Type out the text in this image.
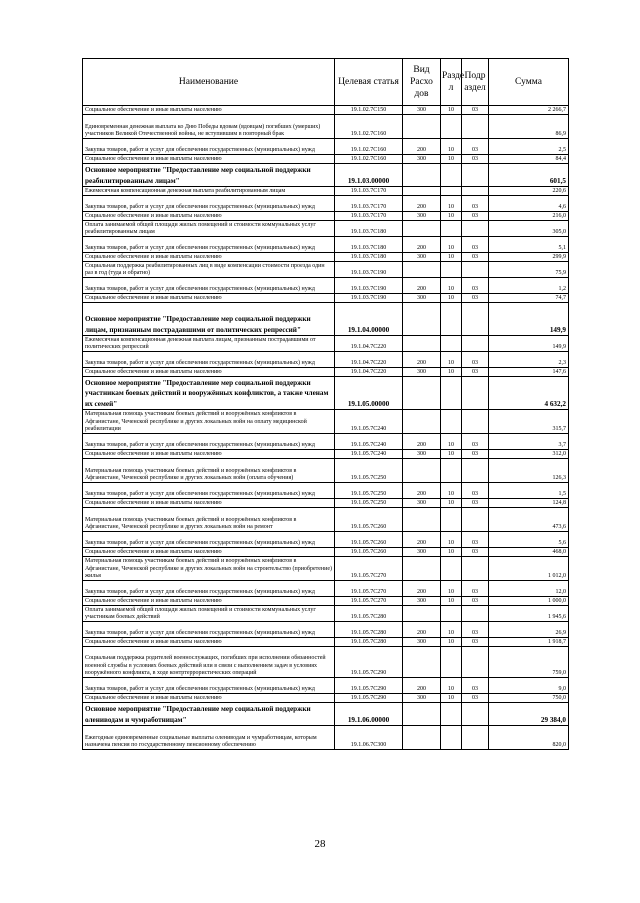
Наименование	Целевая статья	Вид Расхо дов	Разде л	Подр аздел	Сумма
Социальное обеспечение и иные выплаты населению	19.1.02.7С150	300	10	03	2 266,7
Единовременная денежная выплата ко Дню Победы вдовам (вдовцам) погибших (умерших) участников Великой Отечественной войны, не вступившим в повторный брак	19.1.02.7С160				86,9
Закупка товаров, работ и услуг для обеспечения государственных (муниципальных) нужд	19.1.02.7С160	200	10	03	2,5
Социальное обеспечение и иные выплаты населению	19.1.02.7С160	300	10	03	84,4
Основное мероприятие "Предоставление мер социальной поддержки реабилитированным лицам"	19.1.03.00000				601,5
Ежемесячная компенсационная денежная выплата реабилитированным лицам	19.1.03.7С170				220,6
Закупка товаров, работ и услуг для обеспечения государственных (муниципальных) нужд	19.1.03.7С170	200	10	03	4,6
Социальное обеспечение и иные выплаты населению	19.1.03.7С170	300	10	03	216,0
Оплата занимаемой общей площади жилых помещений и стоимости коммунальных услуг реабилитированным лицам	19.1.03.7С180				305,0
Закупка товаров, работ и услуг для обеспечения государственных (муниципальных) нужд	19.1.03.7С180	200	10	03	5,1
Социальное обеспечение и иные выплаты населению	19.1.03.7С180	300	10	03	299,9
Социальная поддержка реабилитированных лиц в виде компенсации стоимости проезда один раз в год (туда и обратно)	19.1.03.7С190				75,9
Закупка товаров, работ и услуг для обеспечения государственных (муниципальных) нужд	19.1.03.7С190	200	10	03	1,2
Социальное обеспечение и иные выплаты населению	19.1.03.7С190	300	10	03	74,7
Основное мероприятие "Предоставление мер социальной поддержки лицам, признанным пострадавшими от политических репрессий"	19.1.04.00000				149,9
Ежемесячная компенсационная денежная выплата лицам, признанным пострадавшими от политических репрессий	19.1.04.7С220				149,9
Закупка товаров, работ и услуг для обеспечения государственных (муниципальных) нужд	19.1.04.7С220	200	10	03	2,3
Социальное обеспечение и иные выплаты населению	19.1.04.7С220	300	10	03	147,6
Основное мероприятие "Предоставление мер социальной поддержки участникам боевых действий и вооружённых конфликтов, а также членам их семей"	19.1.05.00000				4 632,2
Материальная помощь участникам боевых действий и вооружённых конфликтов в Афганистане, Чеченской республике и других локальных войн на оплату медицинской реабилитации	19.1.05.7С240				315,7
Закупка товаров, работ и услуг для обеспечения государственных (муниципальных) нужд	19.1.05.7С240	200	10	03	3,7
Социальное обеспечение и иные выплаты населению	19.1.05.7С240	300	10	03	312,0
Материальная помощь участникам боевых действий и вооружённых конфликтов в Афганистане, Чеченской республике и других локальных войн (оплата обучения)	19.1.05.7С250				126,3
Закупка товаров, работ и услуг для обеспечения государственных (муниципальных) нужд	19.1.05.7С250	200	10	03	1,5
Социальное обеспечение и иные выплаты населению	19.1.05.7С250	300	10	03	124,8
Материальная помощь участникам боевых действий и вооружённых конфликтов в Афганистане, Чеченской республике и других локальных войн на ремонт	19.1.05.7С260				473,6
Закупка товаров, работ и услуг для обеспечения государственных (муниципальных) нужд	19.1.05.7С260	200	10	03	5,6
Социальное обеспечение и иные выплаты населению	19.1.05.7С260	300	10	03	468,0
Материальная помощь участникам боевых действий и вооружённых конфликтов в Афганистане, Чеченской республике и других локальных войн на строительство (приобретение) жилья	19.1.05.7С270				1 012,0
Закупка товаров, работ и услуг для обеспечения государственных (муниципальных) нужд	19.1.05.7С270	200	10	03	12,0
Социальное обеспечение и иные выплаты населению	19.1.05.7С270	300	10	03	1 000,0
Оплата занимаемой общей площади жилых помещений и стоимости коммунальных услуг участникам боевых действий	19.1.05.7С280				1 945,6
Закупка товаров, работ и услуг для обеспечения государственных (муниципальных) нужд	19.1.05.7С280	200	10	03	26,9
Социальное обеспечение и иные выплаты населению	19.1.05.7С280	300	10	03	1 918,7
Социальная поддержка родителей военнослужащих, погибших при исполнении обязанностей военной службы в условиях боевых действий или в связи с выполнением задач в условиях вооружённого конфликта, в ходе контртеррористических операций	19.1.05.7С290				759,0
Закупка товаров, работ и услуг для обеспечения государственных (муниципальных) нужд	19.1.05.7С290	200	10	03	9,0
Социальное обеспечение и иные выплаты населению	19.1.05.7С290	300	10	03	750,0
Основное мероприятие "Предоставление мер социальной поддержки олениводам и чумработницам"	19.1.06.00000				29 384,0
Ежегодные единовременные социальные выплаты олениводам и чумработницам, которым назначена пенсия по государственному пенсионному обеспечению	19.1.06.7С300				820,0
28
